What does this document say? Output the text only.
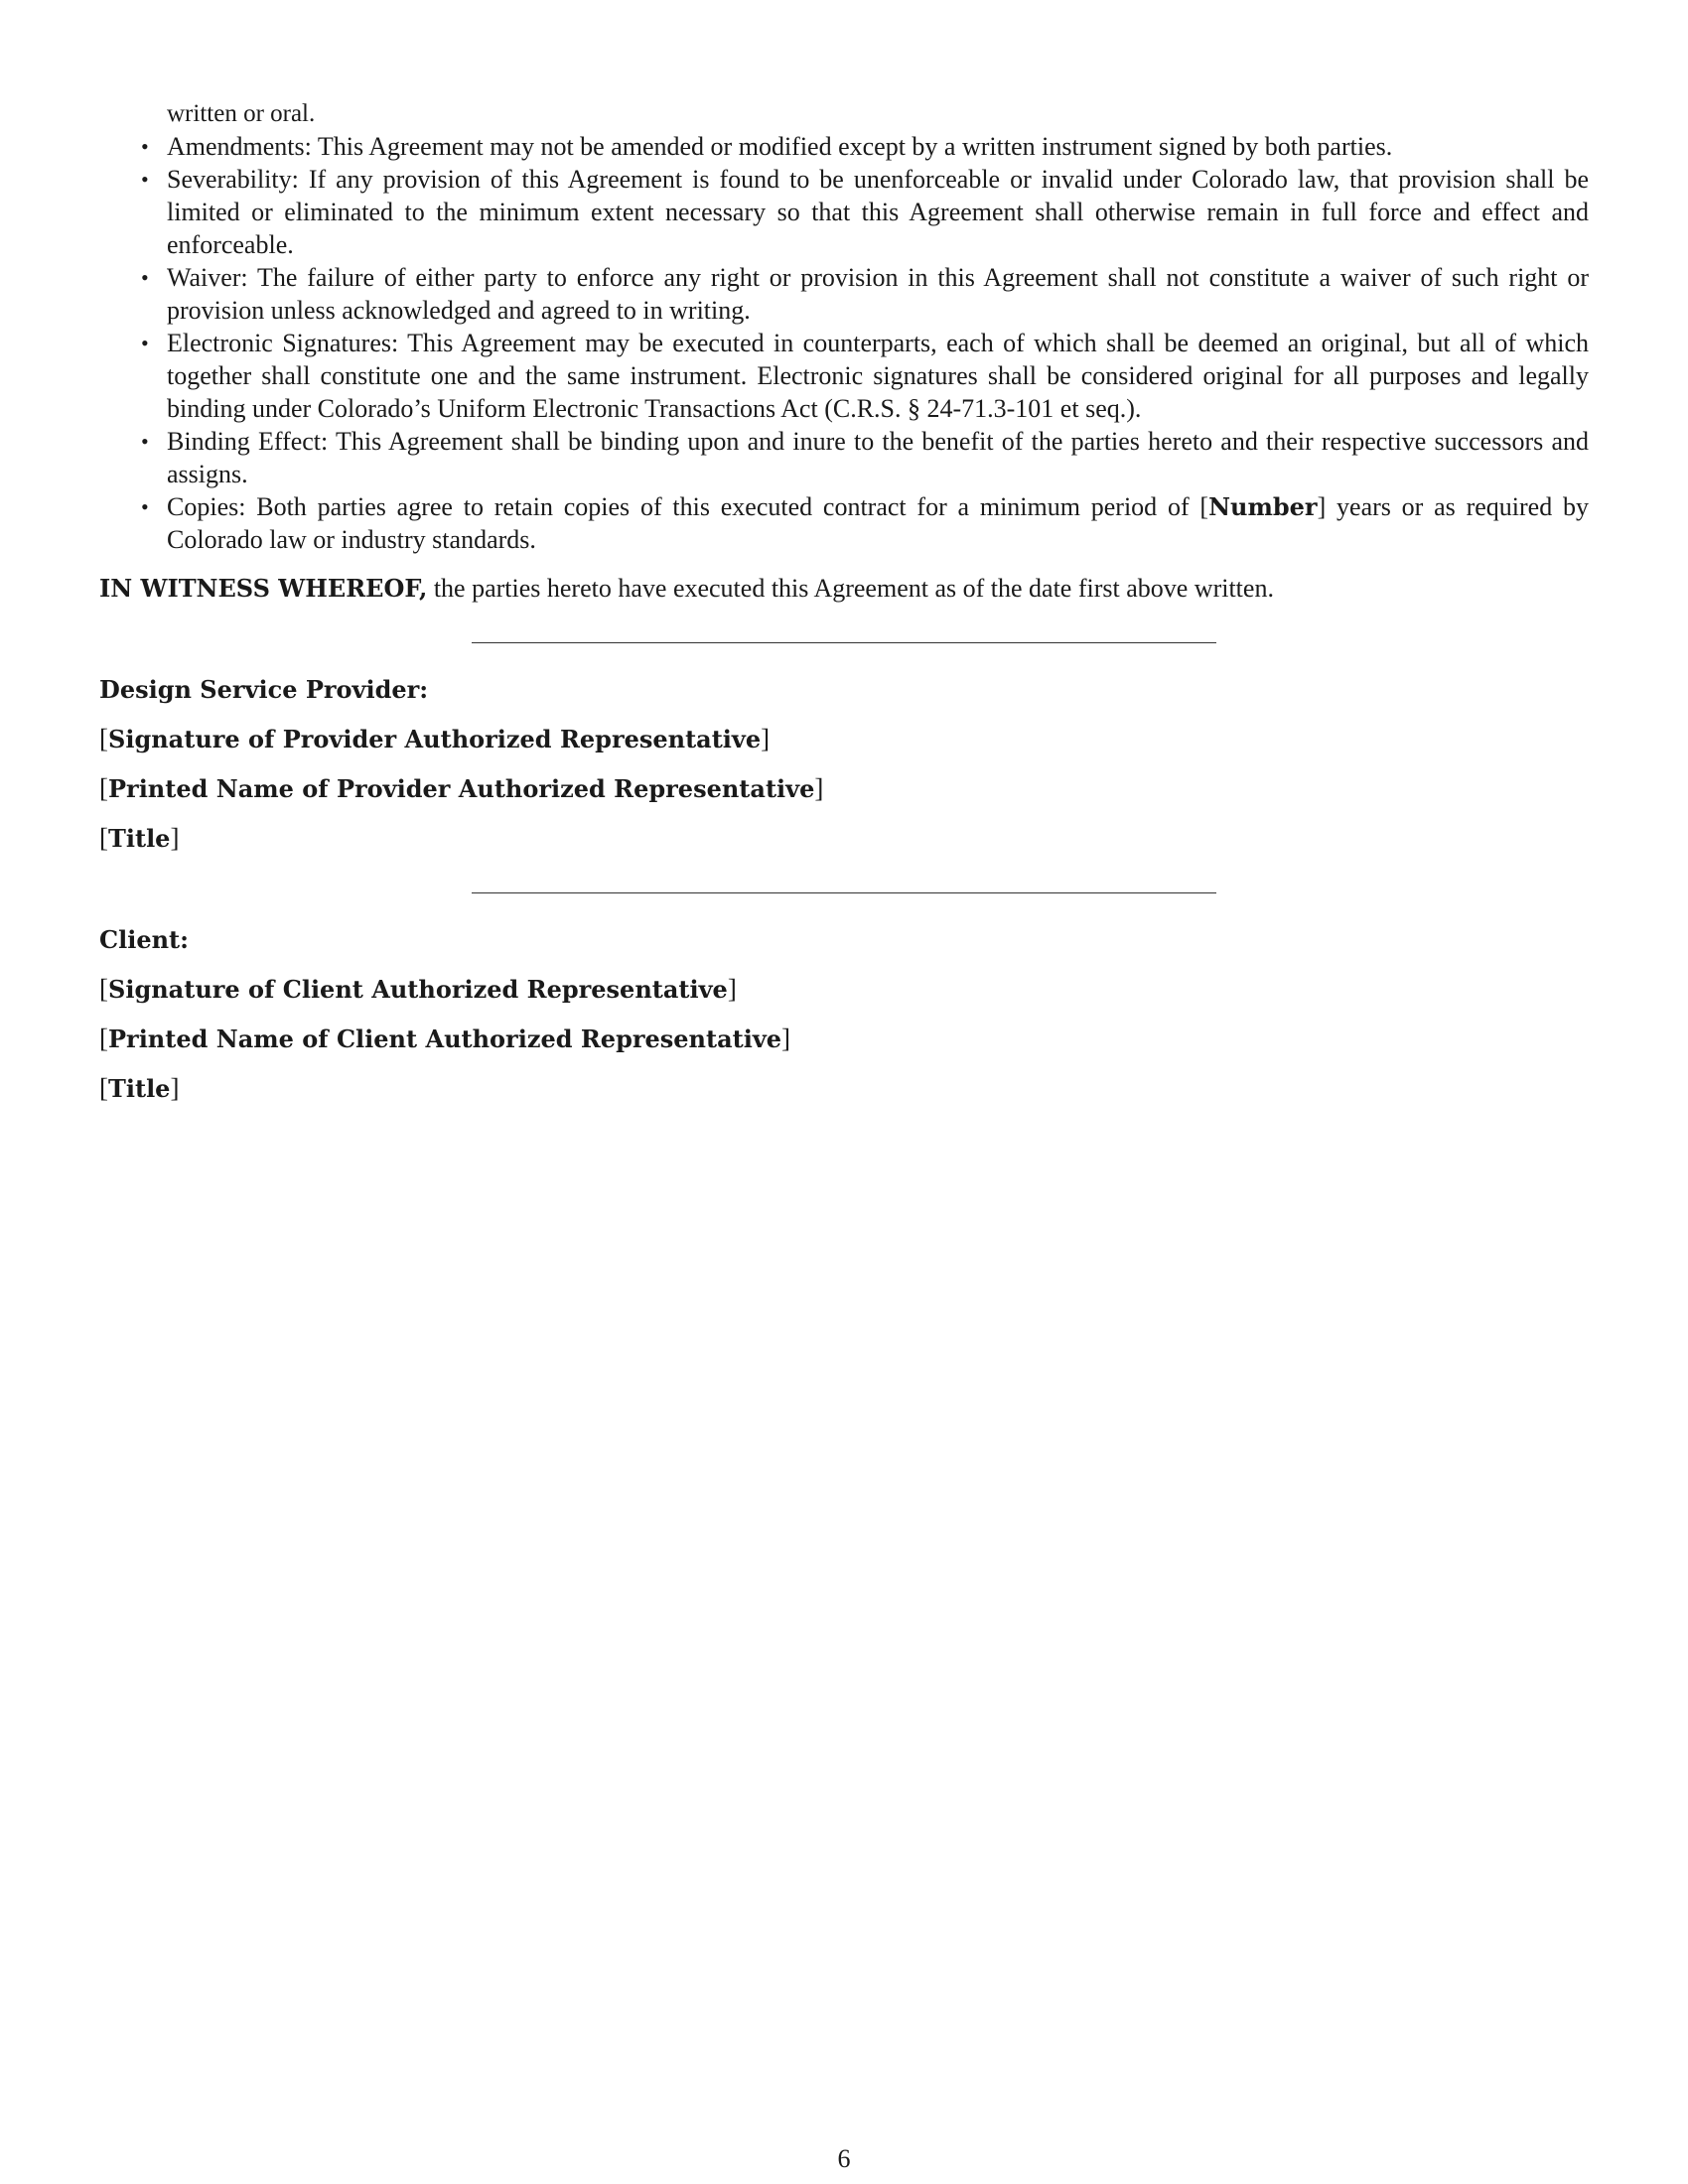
written or oral.

• Amendments: This Agreement may not be amended or modified except by a written instrument signed by both parties.
• Severability: If any provision of this Agreement is found to be unenforceable or invalid under Colorado law, that provision shall be limited or eliminated to the minimum extent necessary so that this Agreement shall otherwise remain in full force and effect and enforceable.
• Waiver: The failure of either party to enforce any right or provision in this Agreement shall not constitute a waiver of such right or provision unless acknowledged and agreed to in writing.
• Electronic Signatures: This Agreement may be executed in counterparts, each of which shall be deemed an original, but all of which together shall constitute one and the same instrument. Electronic signatures shall be considered original for all purposes and legally binding under Colorado’s Uniform Electronic Transactions Act (C.R.S. § 24-71.3-101 et seq.).
• Binding Effect: This Agreement shall be binding upon and inure to the benefit of the parties hereto and their respective successors and assigns.
• Copies: Both parties agree to retain copies of this executed contract for a minimum period of [Number] years or as required by Colorado law or industry standards.

IN WITNESS WHEREOF, the parties hereto have executed this Agreement as of the date first above written.

Design Service Provider:
[Signature of Provider Authorized Representative]
[Printed Name of Provider Authorized Representative]
[Title]
Client:
[Signature of Client Authorized Representative]
[Printed Name of Client Authorized Representative]
[Title]
6
